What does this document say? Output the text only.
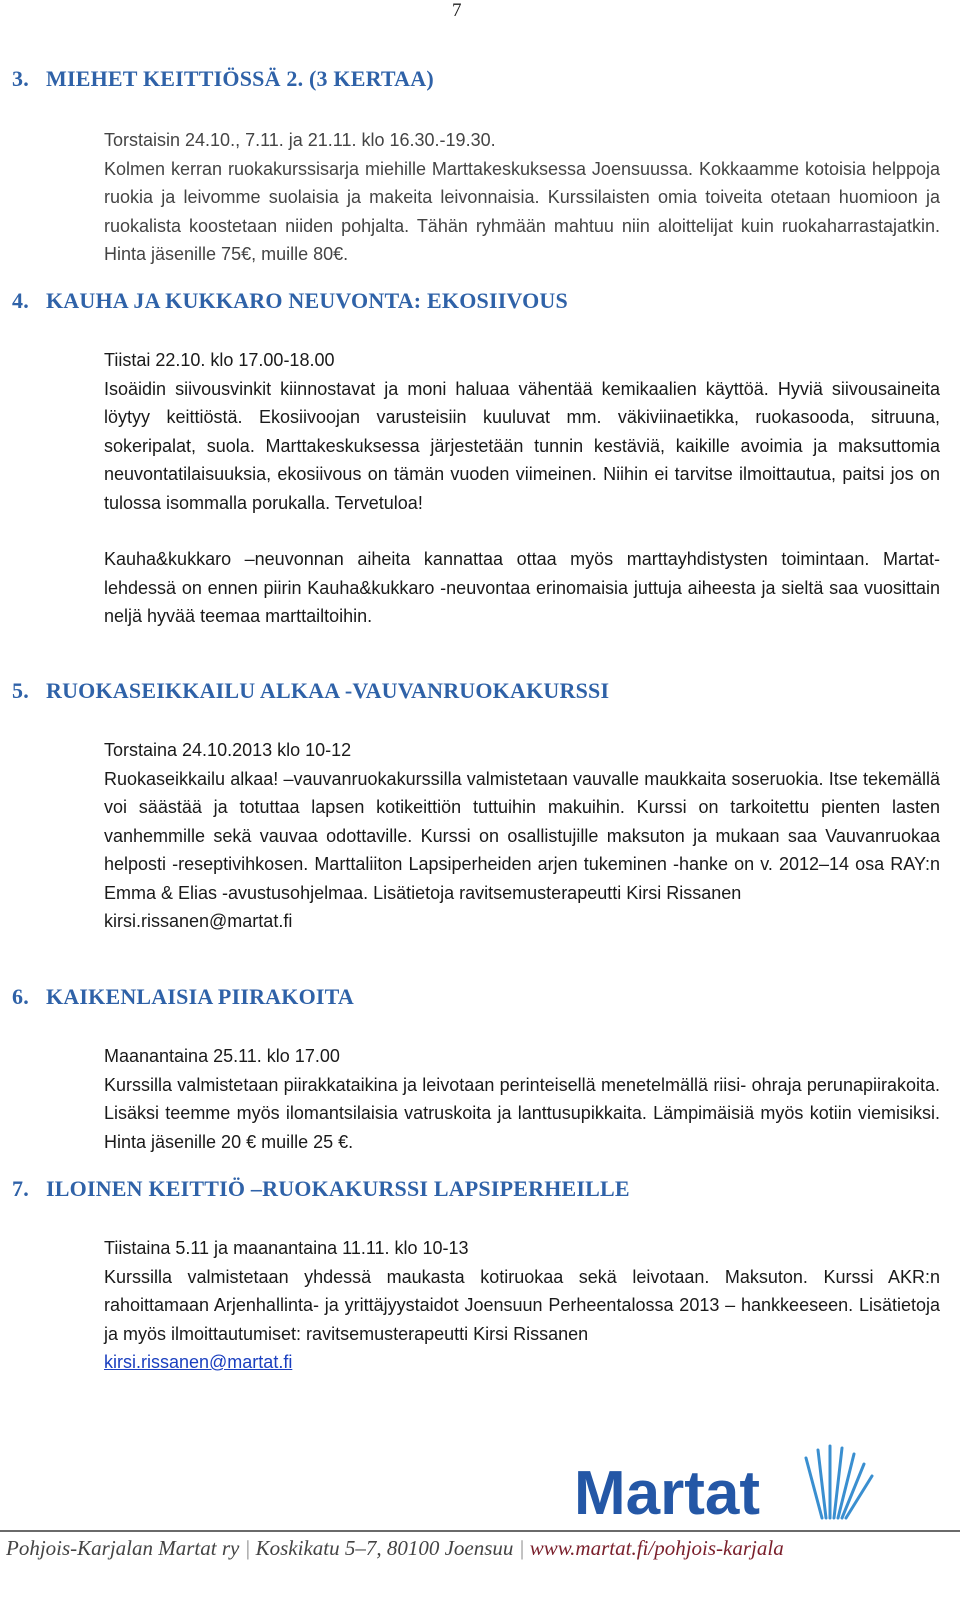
7
3. MIEHET KEITTIÖSSÄ 2. (3 KERTAA)

Torstaisin 24.10., 7.11. ja 21.11. klo 16.30.-19.30.

Kolmen kerran ruokakurssisarja miehille Marttakeskuksessa Joensuussa. Kokkaamme kotoisia helppoja ruokia ja leivomme suolaisia ja makeita leivonnaisia. Kurssilaisten omia toiveita otetaan huomioon ja ruokalista koostetaan niiden pohjalta. Tähän ryhmään mahtuu niin aloittelijat kuin ruokaharrastajatkin. Hinta jäsenille 75€, muille 80€.

4. KAUHA JA KUKKARO NEUVONTA: EKOSIIVOUS

Tiistai 22.10. klo 17.00-18.00

Isoäidin siivousvinkit kiinnostavat ja moni haluaa vähentää kemikaalien käyttöä. Hyviä siivousaineita löytyy keittiöstä. Ekosiivoojan varusteisiin kuuluvat mm. väkiviinaetikka, ruokasooda, sitruuna, sokeripalat, suola. Marttakeskuksessa järjestetään tunnin kestäviä, kaikille avoimia ja maksuttomia neuvontatilaisuuksia, ekosiivous on tämän vuoden viimeinen. Niihin ei tarvitse ilmoittautua, paitsi jos on tulossa isommalla porukalla. Tervetuloa!

Kauha&kukkaro –neuvonnan aiheita kannattaa ottaa myös marttayhdistysten toimintaan. Martat-lehdessä on ennen piirin Kauha&kukkaro -neuvontaa erinomaisia juttuja aiheesta ja sieltä saa vuosittain neljä hyvää teemaa marttailtoihin.

5. RUOKASEIKKAILU ALKAA -VAUVANRUOKAKURSSI

Torstaina 24.10.2013 klo 10-12

Ruokaseikkailu alkaa! –vauvanruokakurssilla valmistetaan vauvalle maukkaita soseruokia. Itse tekemällä voi säästää ja totuttaa lapsen kotikeittiön tuttuihin makuihin. Kurssi on tarkoitettu pienten lasten vanhemmille sekä vauvaa odottaville. Kurssi on osallistujille maksuton ja mukaan saa Vauvanruokaa helposti -reseptivihkosen. Marttaliiton Lapsiperheiden arjen tukeminen -hanke on v. 2012–14 osa RAY:n Emma & Elias -avustusohjelmaa. Lisätietoja ravitsemusterapeutti Kirsi Rissanen

kirsi.rissanen@martat.fi

6. KAIKENLAISIA PIIRAKOITA

Maanantaina 25.11. klo 17.00

Kurssilla valmistetaan piirakkataikina ja leivotaan perinteisellä menetelmällä riisi- ohraja perunapiirakoita. Lisäksi teemme myös ilomantsilaisia vatruskoita ja lanttusupikkaita. Lämpimäisiä myös kotiin viemisiksi. Hinta jäsenille 20 € muille 25 €.

7. ILOINEN KEITTIÖ –RUOKAKURSSI LAPSIPERHEILLE

Tiistaina 5.11 ja maanantaina 11.11. klo 10-13

Kurssilla valmistetaan yhdessä maukasta kotiruokaa sekä leivotaan. Maksuton. Kurssi AKR:n rahoittamaan Arjenhallinta- ja yrittäjyystaidot Joensuun Perheentalossa 2013 – hankkeeseen. Lisätietoja ja myös ilmoittautumiset: ravitsemusterapeutti Kirsi Rissanen

kirsi.rissanen@martat.fi

Martat
Pohjois-Karjalan Martat ry | Koskikatu 5–7, 80100 Joensuu | www.martat.fi/pohjois-karjala
